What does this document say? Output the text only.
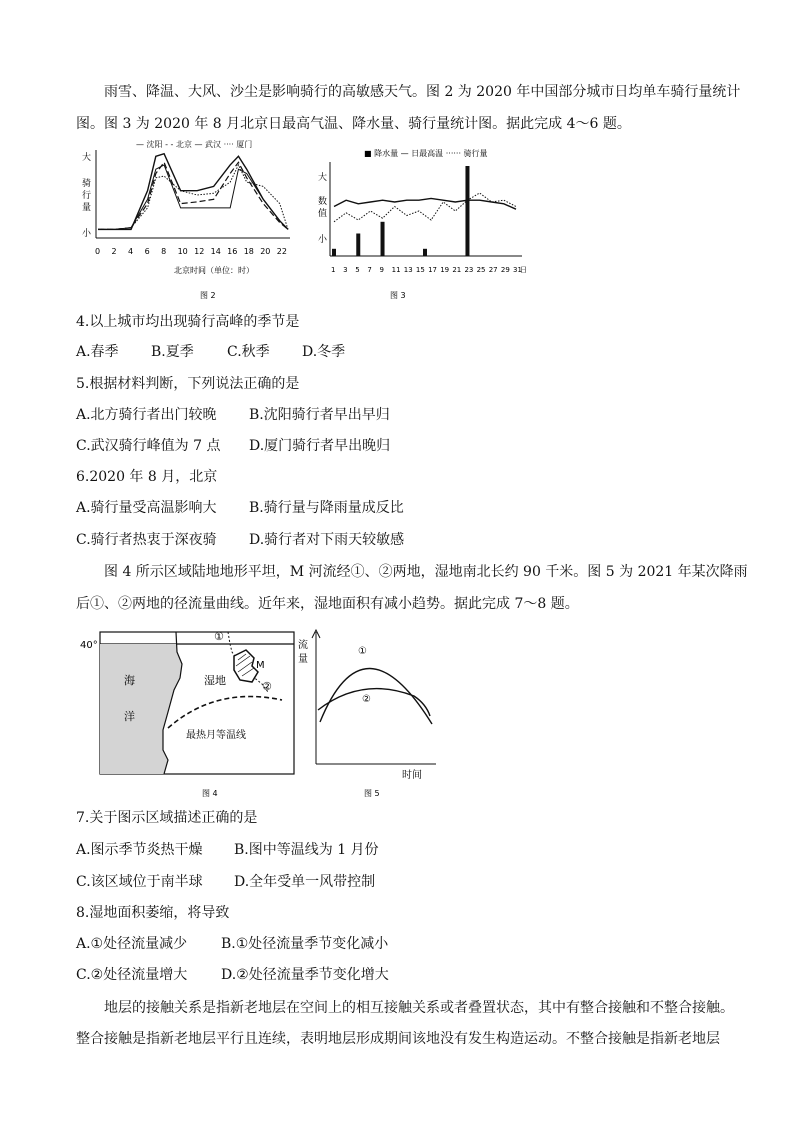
雨雪、降温、大风、沙尘是影响骑行的高敏感天气。图 2 为 2020 年中国部分城市日均单车骑行量统计
图。图 3 为 2020 年 8 月北京日最高气温、降水量、骑行量统计图。据此完成 4～6 题。
— 沈阳 - - 北京 — 武汉 ···· 厦门
大
骑
行
量
小
0 2 4 6 8 10 12 14 16 18 20 22
北京时间（单位：时）
图 2
■ 降水量 — 日最高温 ······ 骑行量
大
数
值
小
1 3 5 7 9 11 13 15 17 19 21 23 25 27 29 31
日
图 3
4.以上城市均出现骑行高峰的季节是
A.春季 B.夏季 C.秋季 D.冬季
5.根据材料判断，下列说法正确的是
A.北方骑行者出门较晚 B.沈阳骑行者早出早归
C.武汉骑行峰值为 7 点 D.厦门骑行者早出晚归
6.2020 年 8 月，北京
A.骑行量受高温影响大 B.骑行量与降雨量成反比
C.骑行者热衷于深夜骑 D.骑行者对下雨天较敏感
图 4 所示区域陆地地形平坦，M 河流经①、②两地，湿地南北长约 90 千米。图 5 为 2021 年某次降雨
后①、②两地的径流量曲线。近年来，湿地面积有减小趋势。据此完成 7～8 题。
40°
海
洋
①
湿地
M
②
最热月等温线
图 4
流
量
①
②
时间
图 5
7.关于图示区域描述正确的是
A.图示季节炎热干燥 B.图中等温线为 1 月份
C.该区域位于南半球 D.全年受单一风带控制
8.湿地面积萎缩，将导致
A.①处径流量减少 B.①处径流量季节变化减小
C.②处径流量增大 D.②处径流量季节变化增大
地层的接触关系是指新老地层在空间上的相互接触关系或者叠置状态，其中有整合接触和不整合接触。
整合接触是指新老地层平行且连续，表明地层形成期间该地没有发生构造运动。不整合接触是指新老地层
